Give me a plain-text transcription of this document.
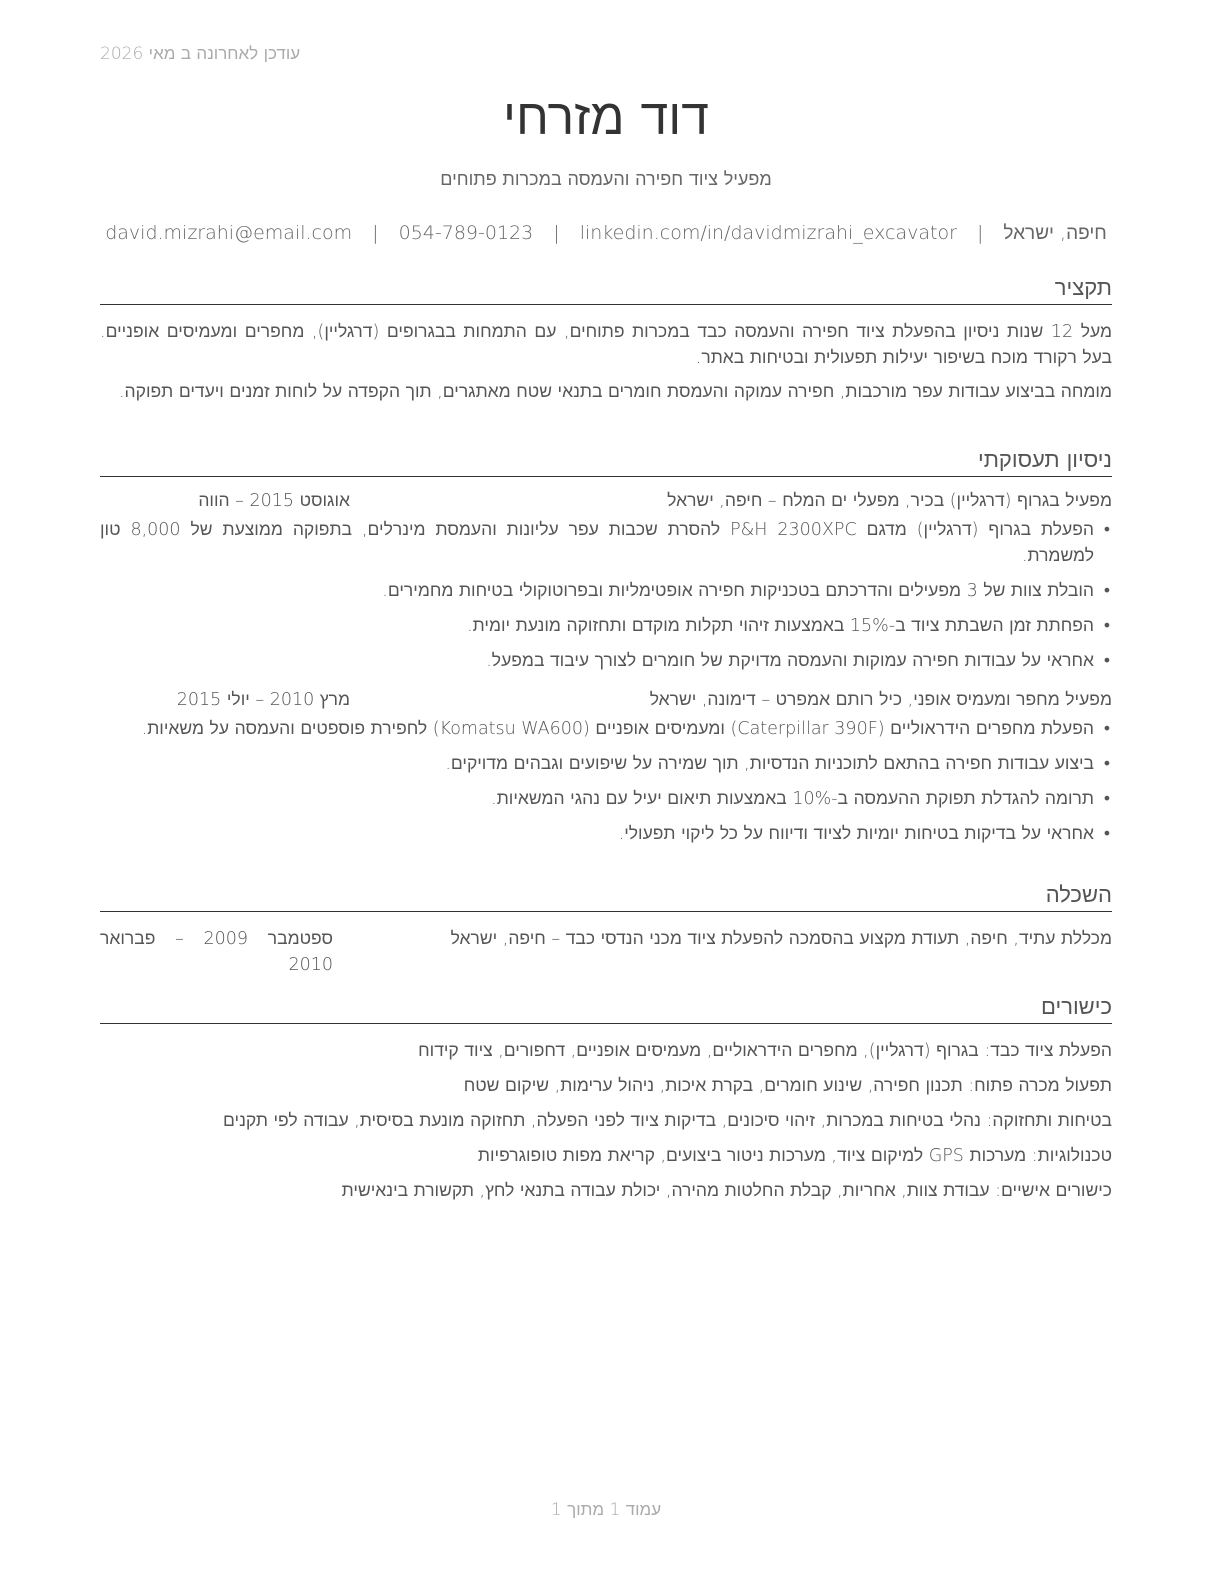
עודכן לאחרונה ב מאי 2026
דוד מזרחי
מפעיל ציוד חפירה והעמסה במכרות פתוחים
חיפה, ישראל | david.mizrahi@email.com | 054-789-0123 | linkedin.com/in/davidmizrahi_excavator
תקציר
מעל 12 שנות ניסיון בהפעלת ציוד חפירה והעמסה כבד במכרות פתוחים, עם התמחות בבגרופים (דרגליין), מחפרים ומעמיסים אופניים. בעל רקורד מוכח בשיפור יעילות תפעולית ובטיחות באתר.
מומחה בביצוע עבודות עפר מורכבות, חפירה עמוקה והעמסת חומרים בתנאי שטח מאתגרים, תוך הקפדה על לוחות זמנים ויעדים תפוקה.
ניסיון תעסוקתי
מפעיל בגרוף (דרגליין) בכיר, מפעלי ים המלח – חיפה, ישראל
אוגוסט 2015 – הווה
• הפעלת בגרוף (דרגליין) מדגם P&H 2300XPC להסרת שכבות עפר עליונות והעמסת מינרלים, בתפוקה ממוצעת של 8,000 טון למשמרת.
• הובלת צוות של 3 מפעילים והדרכתם בטכניקות חפירה אופטימליות ובפרוטוקולי בטיחות מחמירים.
• הפחתת זמן השבתת ציוד ב-15% באמצעות זיהוי תקלות מוקדם ותחזוקה מונעת יומית.
• אחראי על עבודות חפירה עמוקות והעמסה מדויקת של חומרים לצורך עיבוד במפעל.
מפעיל מחפר ומעמיס אופני, כיל רותם אמפרט – דימונה, ישראל
מרץ 2010 – יולי 2015
• הפעלת מחפרים הידראוליים (Caterpillar 390F) ומעמיסים אופניים (Komatsu WA600) לחפירת פוספטים והעמסה על משאיות.
• ביצוע עבודות חפירה בהתאם לתוכניות הנדסיות, תוך שמירה על שיפועים וגבהים מדויקים.
• תרומה להגדלת תפוקת ההעמסה ב-10% באמצעות תיאום יעיל עם נהגי המשאיות.
• אחראי על בדיקות בטיחות יומיות לציוד ודיווח על כל ליקוי תפעולי.
השכלה
מכללת עתיד, חיפה, תעודת מקצוע בהסמכה להפעלת ציוד מכני הנדסי כבד – חיפה, ישראל
ספטמבר 2009 – פברואר 2010
כישורים
הפעלת ציוד כבד: בגרוף (דרגליין), מחפרים הידראוליים, מעמיסים אופניים, דחפורים, ציוד קידוח
תפעול מכרה פתוח: תכנון חפירה, שינוע חומרים, בקרת איכות, ניהול ערימות, שיקום שטח
בטיחות ותחזוקה: נהלי בטיחות במכרות, זיהוי סיכונים, בדיקות ציוד לפני הפעלה, תחזוקה מונעת בסיסית, עבודה לפי תקנים
טכנולוגיות: מערכות GPS למיקום ציוד, מערכות ניטור ביצועים, קריאת מפות טופוגרפיות
כישורים אישיים: עבודת צוות, אחריות, קבלת החלטות מהירה, יכולת עבודה בתנאי לחץ, תקשורת בינאישית
עמוד 1 מתוך 1
